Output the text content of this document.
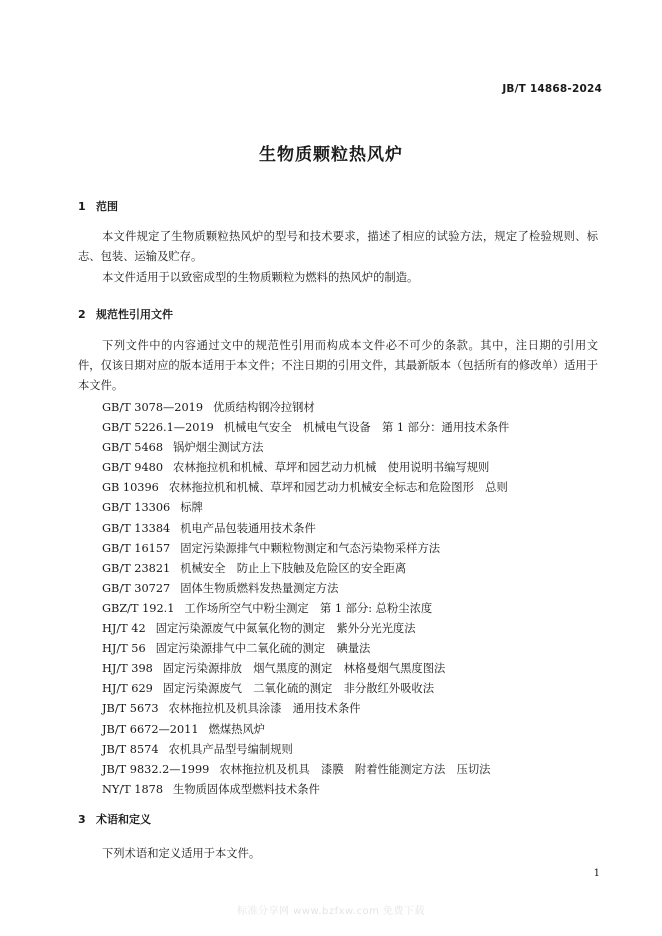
JB/T 14868-2024
生物质颗粒热风炉
1 范围

本文件规定了生物质颗粒热风炉的型号和技术要求，描述了相应的试验方法，规定了检验规则、标志、包装、运输及贮存。

本文件适用于以致密成型的生物质颗粒为燃料的热风炉的制造。

2 规范性引用文件

下列文件中的内容通过文中的规范性引用而构成本文件必不可少的条款。其中，注日期的引用文件，仅该日期对应的版本适用于本文件；不注日期的引用文件，其最新版本（包括所有的修改单）适用于本文件。

GB/T 3078—2019 优质结构钢冷拉钢材
GB/T 5226.1—2019 机械电气安全　机械电气设备　第 1 部分：通用技术条件
GB/T 5468 锅炉烟尘测试方法
GB/T 9480 农林拖拉机和机械、草坪和园艺动力机械　使用说明书编写规则
GB 10396 农林拖拉机和机械、草坪和园艺动力机械安全标志和危险图形　总则
GB/T 13306 标牌
GB/T 13384 机电产品包装通用技术条件
GB/T 16157 固定污染源排气中颗粒物测定和气态污染物采样方法
GB/T 23821 机械安全　防止上下肢触及危险区的安全距离
GB/T 30727 固体生物质燃料发热量测定方法
GBZ/T 192.1 工作场所空气中粉尘测定　第 1 部分: 总粉尘浓度
HJ/T 42 固定污染源废气中氮氧化物的测定　紫外分光光度法
HJ/T 56 固定污染源排气中二氧化硫的测定　碘量法
HJ/T 398 固定污染源排放　烟气黑度的测定　林格曼烟气黑度图法
HJ/T 629 固定污染源废气　二氧化硫的测定　非分散红外吸收法
JB/T 5673 农林拖拉机及机具涂漆　通用技术条件
JB/T 6672—2011 燃煤热风炉
JB/T 8574 农机具产品型号编制规则
JB/T 9832.2—1999 农林拖拉机及机具　漆膜　附着性能测定方法　压切法
NY/T 1878 生物质固体成型燃料技术条件
3 术语和定义

下列术语和定义适用于本文件。

1
标准分享网 www.bzfxw.com 免费下载
